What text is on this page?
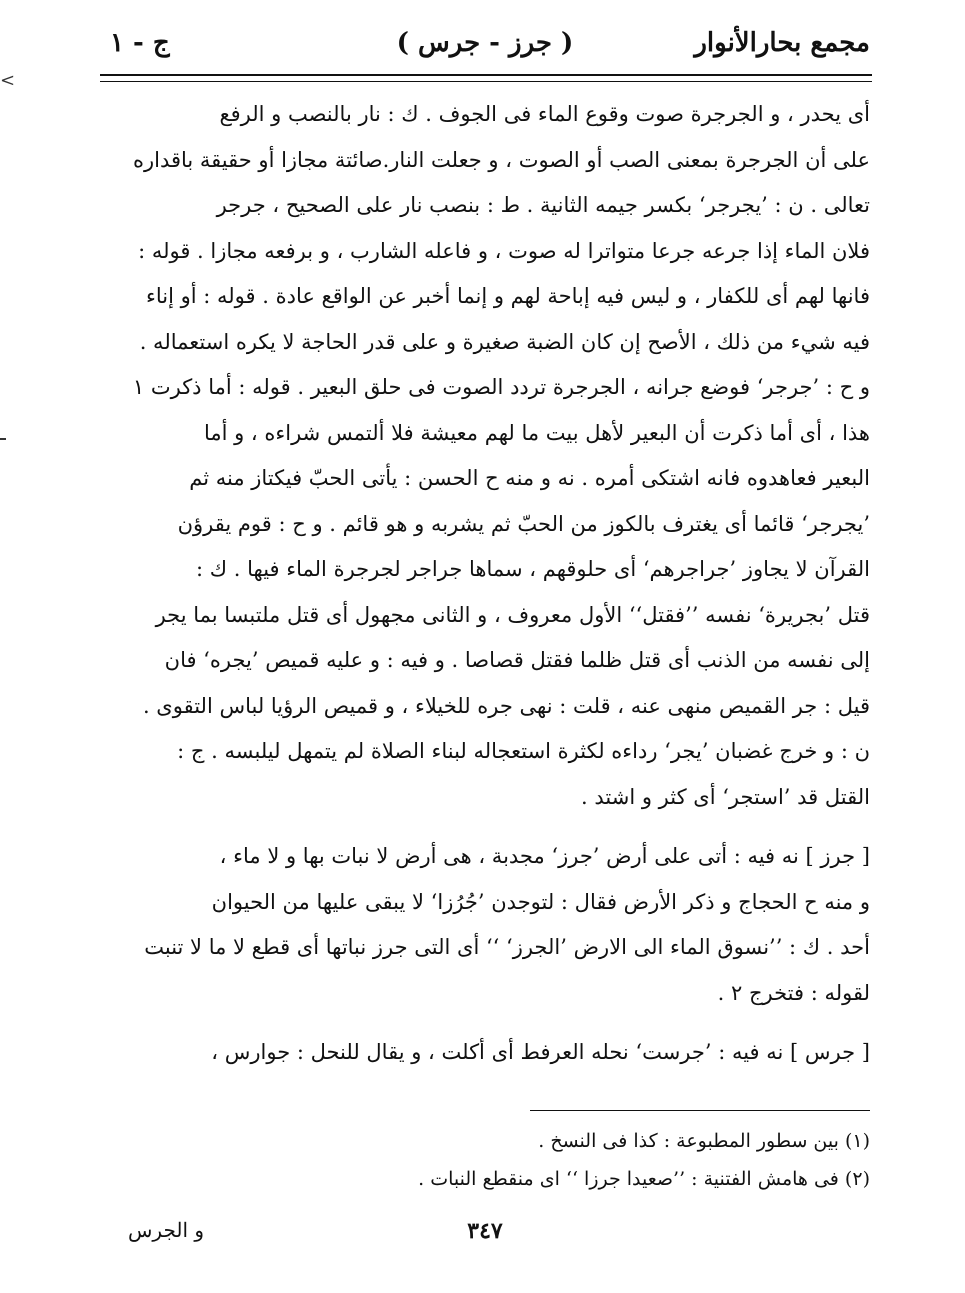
<
مجمع بحارالأنوار
( جرز - جرس )
ج - ١
أى يحدر ، و الجرجرة صوت وقوع الماء فى الجوف . ك : نار بالنصب و الرفع
على أن الجرجرة بمعنى الصب أو الصوت ، و جعلت النار.صائتة مجازا أو حقيقة باقداره
تعالى . ن : ’يجرجر‘ بكسر جيمه الثانية . ط : بنصب نار على الصحيح ، جرجر
فلان الماء إذا جرعه جرعا متواترا له صوت ، و فاعله الشارب ، و برفعه مجازا . قوله :
فانها لهم أى للكفار ، و ليس فيه إباحة لهم و إنما أخبر عن الواقع عادة . قوله : أو إناء
فيه شيء من ذلك ، الأصح إن كان الضبة صغيرة و على قدر الحاجة لا يكره استعماله .
و ح : ’جرجر‘ فوضع جرانه ، الجرجرة تردد الصوت فى حلق البعير . قوله : أما ذكرت ١
هذا ، أى أما ذكرت أن البعير لأهل بيت ما لهم معيشة فلا ألتمس شراءه ، و أما
البعير فعاهدوه فانه اشتكى أمره . نه و منه ح الحسن : يأتى الحبّ فيكتاز منه ثم
’يجرجر‘ قائما أى يغترف بالكوز من الحبّ ثم يشربه و هو قائم . و ح : قوم يقرؤن
القرآن لا يجاوز ’جراجرهم‘ أى حلوقهم ، سماها جراجر لجرجرة الماء فيها . ك :
قتل ’بجريرة‘ نفسه ’’فقتل‘‘ الأول معروف ، و الثانى مجهول أى قتل ملتبسا بما يجر
إلى نفسه من الذنب أى قتل ظلما فقتل قصاصا . و فيه : و عليه قميص ’يجره‘ فان
قيل : جر القميص منهى عنه ، قلت : نهى جره للخيلاء ، و قميص الرؤيا لباس التقوى .
ن : و خرج غضبان ’يجر‘ رداءه لكثرة استعجاله لبناء الصلاة لم يتمهل ليلبسه . ج :
القتل قد ’استجر‘ أى كثر و اشتد .
[ جرز ] نه فيه : أتى على أرض ’جرز‘ مجدبة ، هى أرض لا نبات بها و لا ماء ،
و منه ح الحجاج و ذكر الأرض فقال : لتوجدن ’جُرُزا‘ لا يبقى عليها من الحيوان
أحد . ك : ’’نسوق الماء الى الارض ’الجرز‘ ‘‘ أى التى جرز نباتها أى قطع لا ما لا تنبت
لقوله : فتخرج ٢ .
[ جرس ] نه فيه : ’جرست‘ نحله العرفط أى أكلت ، و يقال للنحل : جوارس ،
(١) بين سطور المطبوعة : كذا فى النسخ .
(٢) فى هامش الفتنية : ’’صعيدا جرزا ‘‘ اى منقطع النبات .
٣٤٧
و الجرس
